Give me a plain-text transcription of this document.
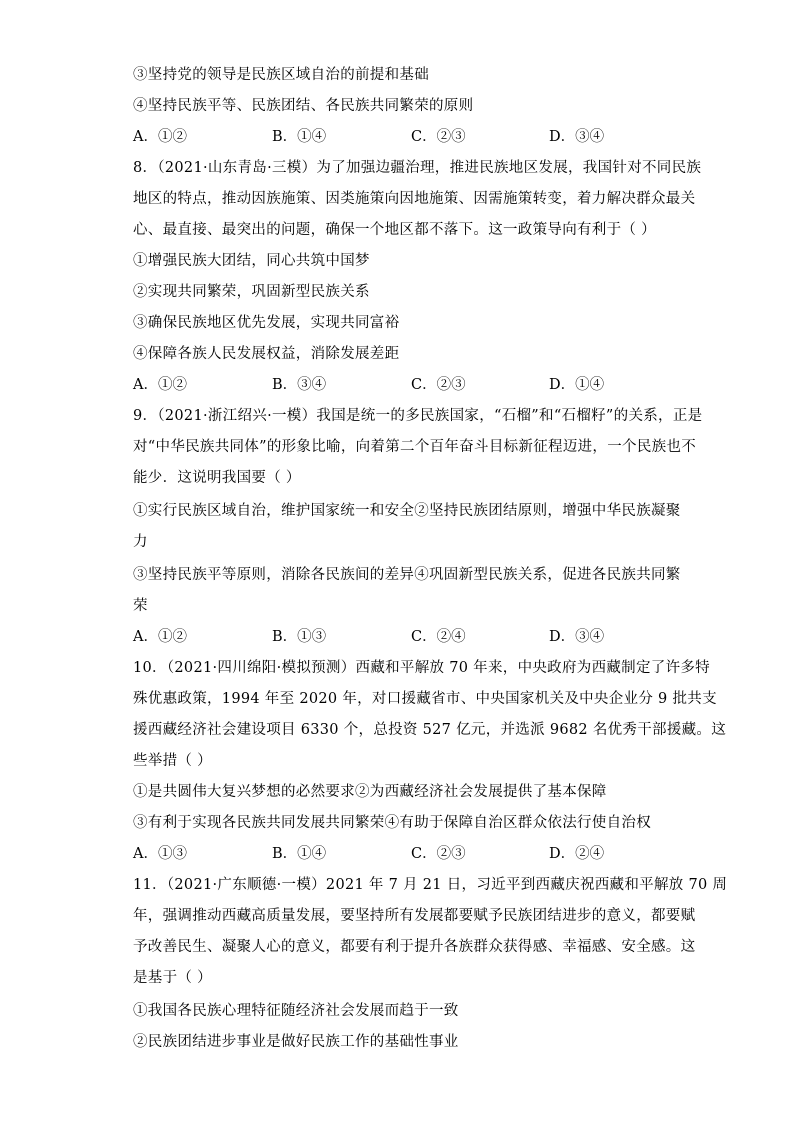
③坚持党的领导是民族区域自治的前提和基础
④坚持民族平等、民族团结、各民族共同繁荣的原则
A．①②	B．①④	C．②③	D．③④
8．（2021·山东青岛·三模）为了加强边疆治理，推进民族地区发展，我国针对不同民族
地区的特点，推动因族施策、因类施策向因地施策、因需施策转变，着力解决群众最关
心、最直接、最突出的问题，确保一个地区都不落下。这一政策导向有利于（ ）
①增强民族大团结，同心共筑中国梦
②实现共同繁荣，巩固新型民族关系
③确保民族地区优先发展，实现共同富裕
④保障各族人民发展权益，消除发展差距
A．①②	B．③④	C．②③	D．①④
9．（2021·浙江绍兴·一模）我国是统一的多民族国家，“石榴”和“石榴籽”的关系，正是
对“中华民族共同体”的形象比喻，向着第二个百年奋斗目标新征程迈进，一个民族也不
能少．这说明我国要（ ）
①实行民族区域自治，维护国家统一和安全②坚持民族团结原则，增强中华民族凝聚
力
③坚持民族平等原则，消除各民族间的差异④巩固新型民族关系，促进各民族共同繁
荣
A．①②	B．①③	C．②④	D．③④
10．（2021·四川绵阳·模拟预测）西藏和平解放 70 年来，中央政府为西藏制定了许多特
殊优惠政策，1994 年至 2020 年，对口援藏省市、中央国家机关及中央企业分 9 批共支
援西藏经济社会建设项目 6330 个，总投资 527 亿元，并选派 9682 名优秀干部援藏。这
些举措（ ）
①是共圆伟大复兴梦想的必然要求②为西藏经济社会发展提供了基本保障
③有利于实现各民族共同发展共同繁荣④有助于保障自治区群众依法行使自治权
A．①③	B．①④	C．②③	D．②④
11．（2021·广东顺德·一模）2021 年 7 月 21 日，习近平到西藏庆祝西藏和平解放 70 周
年，强调推动西藏高质量发展，要坚持所有发展都要赋予民族团结进步的意义，都要赋
予改善民生、凝聚人心的意义，都要有利于提升各族群众获得感、幸福感、安全感。这
是基于（ ）
①我国各民族心理特征随经济社会发展而趋于一致
②民族团结进步事业是做好民族工作的基础性事业
